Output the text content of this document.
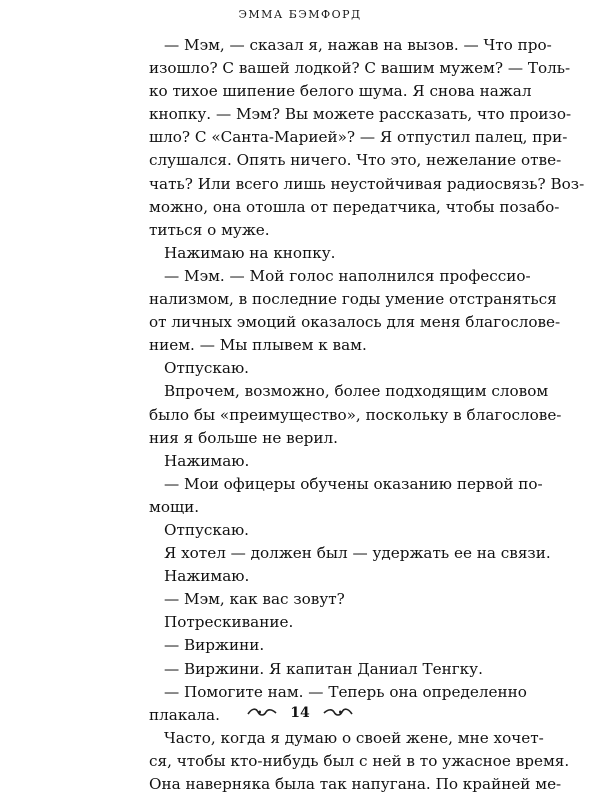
ЭММА БЭМФОРД
— Мэм, — сказал я, нажав на вызов. — Что про-
изошло? С вашей лодкой? С вашим мужем? — Толь-
ко тихое шипение белого шума. Я снова нажал
кнопку. — Мэм? Вы можете рассказать, что произо-
шло? С «Санта-Марией»? — Я отпустил палец, при-
слушался. Опять ничего. Что это, нежелание отве-
чать? Или всего лишь неустойчивая радиосвязь? Воз-
можно, она отошла от передатчика, чтобы позабо-
титься о муже.
Нажимаю на кнопку.
— Мэм. — Мой голос наполнился профессио-
нализмом, в последние годы умение отстраняться
от личных эмоций оказалось для меня благослове-
нием. — Мы плывем к вам.
Отпускаю.
Впрочем, возможно, более подходящим словом
было бы «преимущество», поскольку в благослове-
ния я больше не верил.
Нажимаю.
— Мои офицеры обучены оказанию первой по-
мощи.
Отпускаю.
Я хотел — должен был — удержать ее на связи.
Нажимаю.
— Мэм, как вас зовут?
Потрескивание.
— Виржини.
— Виржини. Я капитан Даниал Тенгку.
— Помогите нам. — Теперь она определенно
плакала.
Часто, когда я думаю о своей жене, мне хочет-
ся, чтобы кто-нибудь был с ней в то ужасное время.
Она наверняка была так напугана. По крайней ме-
14
